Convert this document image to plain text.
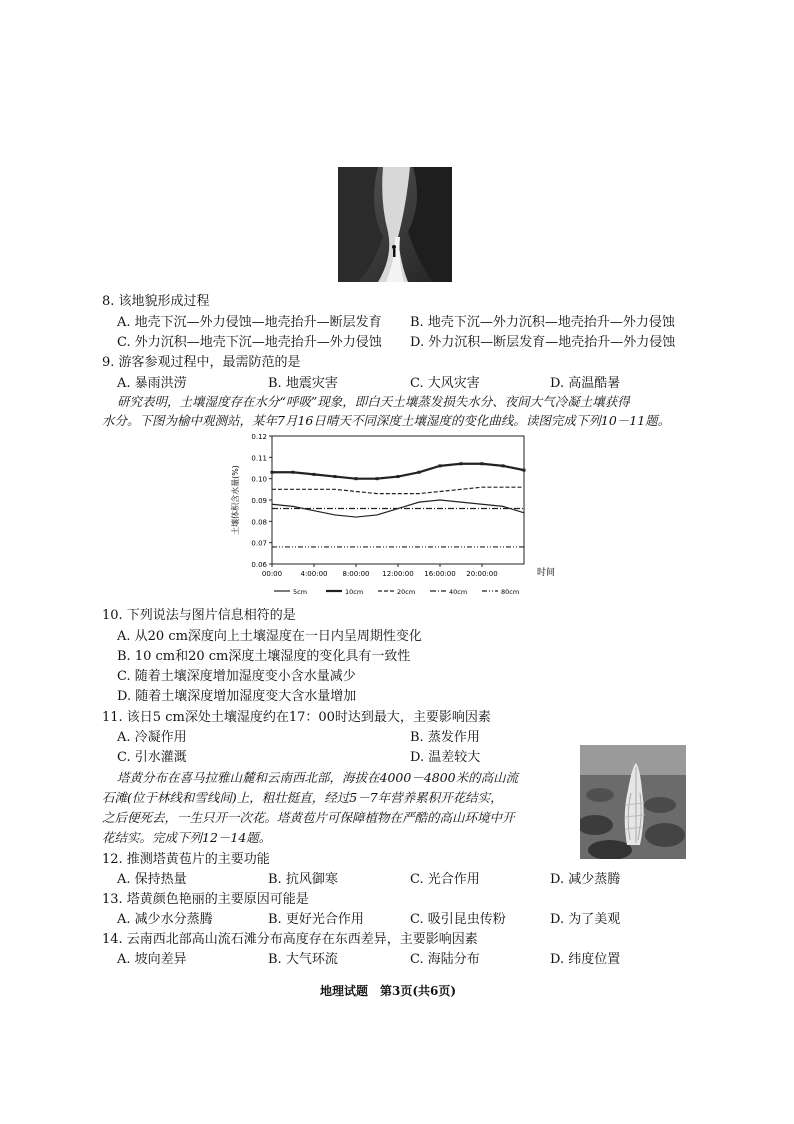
8. 该地貌形成过程
A. 地壳下沉—外力侵蚀—地壳抬升—断层发育 B. 地壳下沉—外力沉积—地壳抬升—外力侵蚀
C. 外力沉积—地壳下沉—地壳抬升—外力侵蚀 D. 外力沉积—断层发育—地壳抬升—外力侵蚀
9. 游客参观过程中，最需防范的是
A. 暴雨洪涝	B. 地震灾害	C. 大风灾害	D. 高温酷暑
研究表明，土壤湿度存在水分“呼吸”现象，即白天土壤蒸发损失水分、夜间大气冷凝土壤获得
水分。下图为榆中观测站，某年7月16日晴天不同深度土壤湿度的变化曲线。读图完成下列10－11题。
0.12
0.11
0.10
0.09
0.08
0.07
0.06
00:00	4:00:00 8:00:00 12:00:00 16:00:00 20:00:00
土壤体积含水量(%)
时间
5cm	10cm	20cm	40cm	80cm
10. 下列说法与图片信息相符的是
A. 从20 cm深度向上土壤湿度在一日内呈周期性变化
B. 10 cm和20 cm深度土壤湿度的变化具有一致性
C. 随着土壤深度增加湿度变小含水量减少
D. 随着土壤深度增加湿度变大含水量增加
11. 该日5 cm深处土壤湿度约在17：00时达到最大，主要影响因素
A. 冷凝作用	B. 蒸发作用
C. 引水灌溉	D. 温差较大
塔黄分布在喜马拉雅山麓和云南西北部，海拔在4000－4800米的高山流
石滩(位于林线和雪线间)上，粗壮挺直，经过5－7年营养累积开花结实，
之后便死去，一生只开一次花。塔黄苞片可保障植物在严酷的高山环境中开
花结实。完成下列12－14题。
12. 推测塔黄苞片的主要功能
A. 保持热量	B. 抗风御寒	C. 光合作用	D. 减少蒸腾
13. 塔黄颜色艳丽的主要原因可能是
A. 减少水分蒸腾	B. 更好光合作用	C. 吸引昆虫传粉	D. 为了美观
14. 云南西北部高山流石滩分布高度存在东西差异，主要影响因素
A. 坡向差异	B. 大气环流	C. 海陆分布	D. 纬度位置
地理试题　第3页(共6页)
